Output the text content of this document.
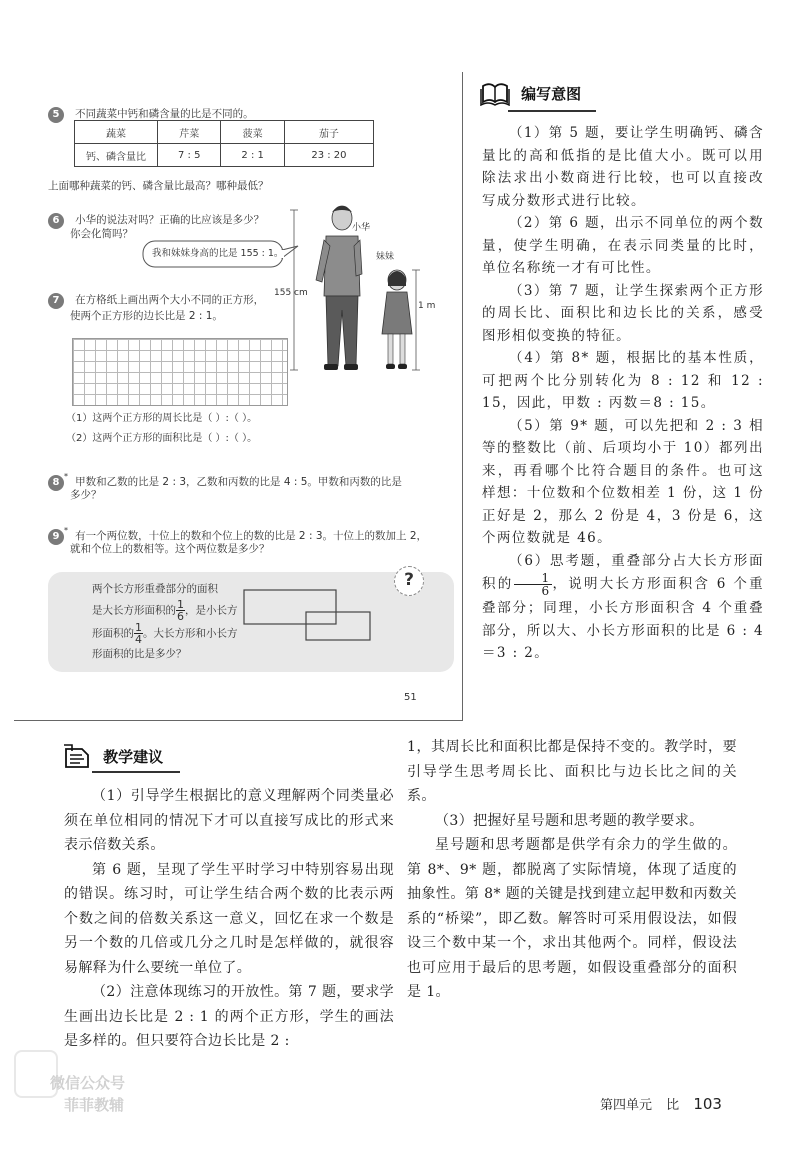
5 不同蔬菜中钙和磷含量的比是不同的。
蔬菜	芹菜	菠菜	茄子
钙、磷含量比	7 : 5	2 : 1	23 : 20
上面哪种蔬菜的钙、磷含量比最高？哪种最低？
6 小华的说法对吗？正确的比应该是多少？
你会化简吗？
我和妹妹身高的比是 155 : 1。
小华
妹妹
155 cm
1 m
7 在方格纸上画出两个大小不同的正方形，
使两个正方形的边长比是 2 : 1。
（1）这两个正方形的周长比是（ ）:（ ）。
（2）这两个正方形的面积比是（ ）:（ ）。
8* 甲数和乙数的比是 2 : 3，乙数和丙数的比是 4 : 5。甲数和丙数的比是
多少？
9* 有一个两位数，十位上的数和个位上的数的比是 2 : 3。十位上的数加上 2，
就和个位上的数相等。这个两位数是多少？
两个长方形重叠部分的面积
是大长方形面积的 $\frac{1}{6}$ ，是小长方
形面积的 $\frac{1}{4}$ 。大长方形和小长方
形面积的比是多少？
?
51
编写意图

（1）第 5 题，要让学生明确钙、磷含量比的高和低指的是比值大小。既可以用除法求出小数商进行比较，也可以直接改写成分数形式进行比较。

（2）第 6 题，出示不同单位的两个数量，使学生明确，在表示同类量的比时，单位名称统一才有可比性。

（3）第 7 题，让学生探索两个正方形的周长比、面积比和边长比的关系，感受图形相似变换的特征。

（4）第 8* 题，根据比的基本性质，可把两个比分别转化为 8 : 12 和 12 : 15，因此，甲数 : 丙数＝8 : 15。

（5）第 9* 题，可以先把和 2 : 3 相等的整数比（前、后项均小于 10）都列出来，再看哪个比符合题目的条件。也可这样想：十位数和个位数相差 1 份，这 1 份正好是 2，那么 2 份是 4，3 份是 6，这个两位数就是 46。

（6）思考题，重叠部分占大长方形面积的 $\frac{1}{6}$ ，说明大长方形面积含 6 个重叠部分；同理，小长方形面积含 4 个重叠部分，所以大、小长方形面积的比是 6 : 4＝3 : 2。

教学建议

（1）引导学生根据比的意义理解两个同类量必须在单位相同的情况下才可以直接写成比的形式来表示倍数关系。

第 6 题，呈现了学生平时学习中特别容易出现的错误。练习时，可让学生结合两个数的比表示两个数之间的倍数关系这一意义，回忆在求一个数是另一个数的几倍或几分之几时是怎样做的，就很容易解释为什么要统一单位了。

（2）注意体现练习的开放性。第 7 题，要求学生画出边长比是 2 : 1 的两个正方形，学生的画法是多样的。但只要符合边长比是 2 :

1，其周长比和面积比都是保持不变的。教学时，要引导学生思考周长比、面积比与边长比之间的关系。

（3）把握好星号题和思考题的教学要求。

星号题和思考题都是供学有余力的学生做的。第 8*、9* 题，都脱离了实际情境，体现了适度的抽象性。第 8* 题的关键是找到建立起甲数和丙数关系的“桥梁”，即乙数。解答时可采用假设法，如假设三个数中某一个，求出其他两个。同样，假设法也可应用于最后的思考题，如假设重叠部分的面积是 1。

第四单元 比 103
微信公众号
菲菲教辅
